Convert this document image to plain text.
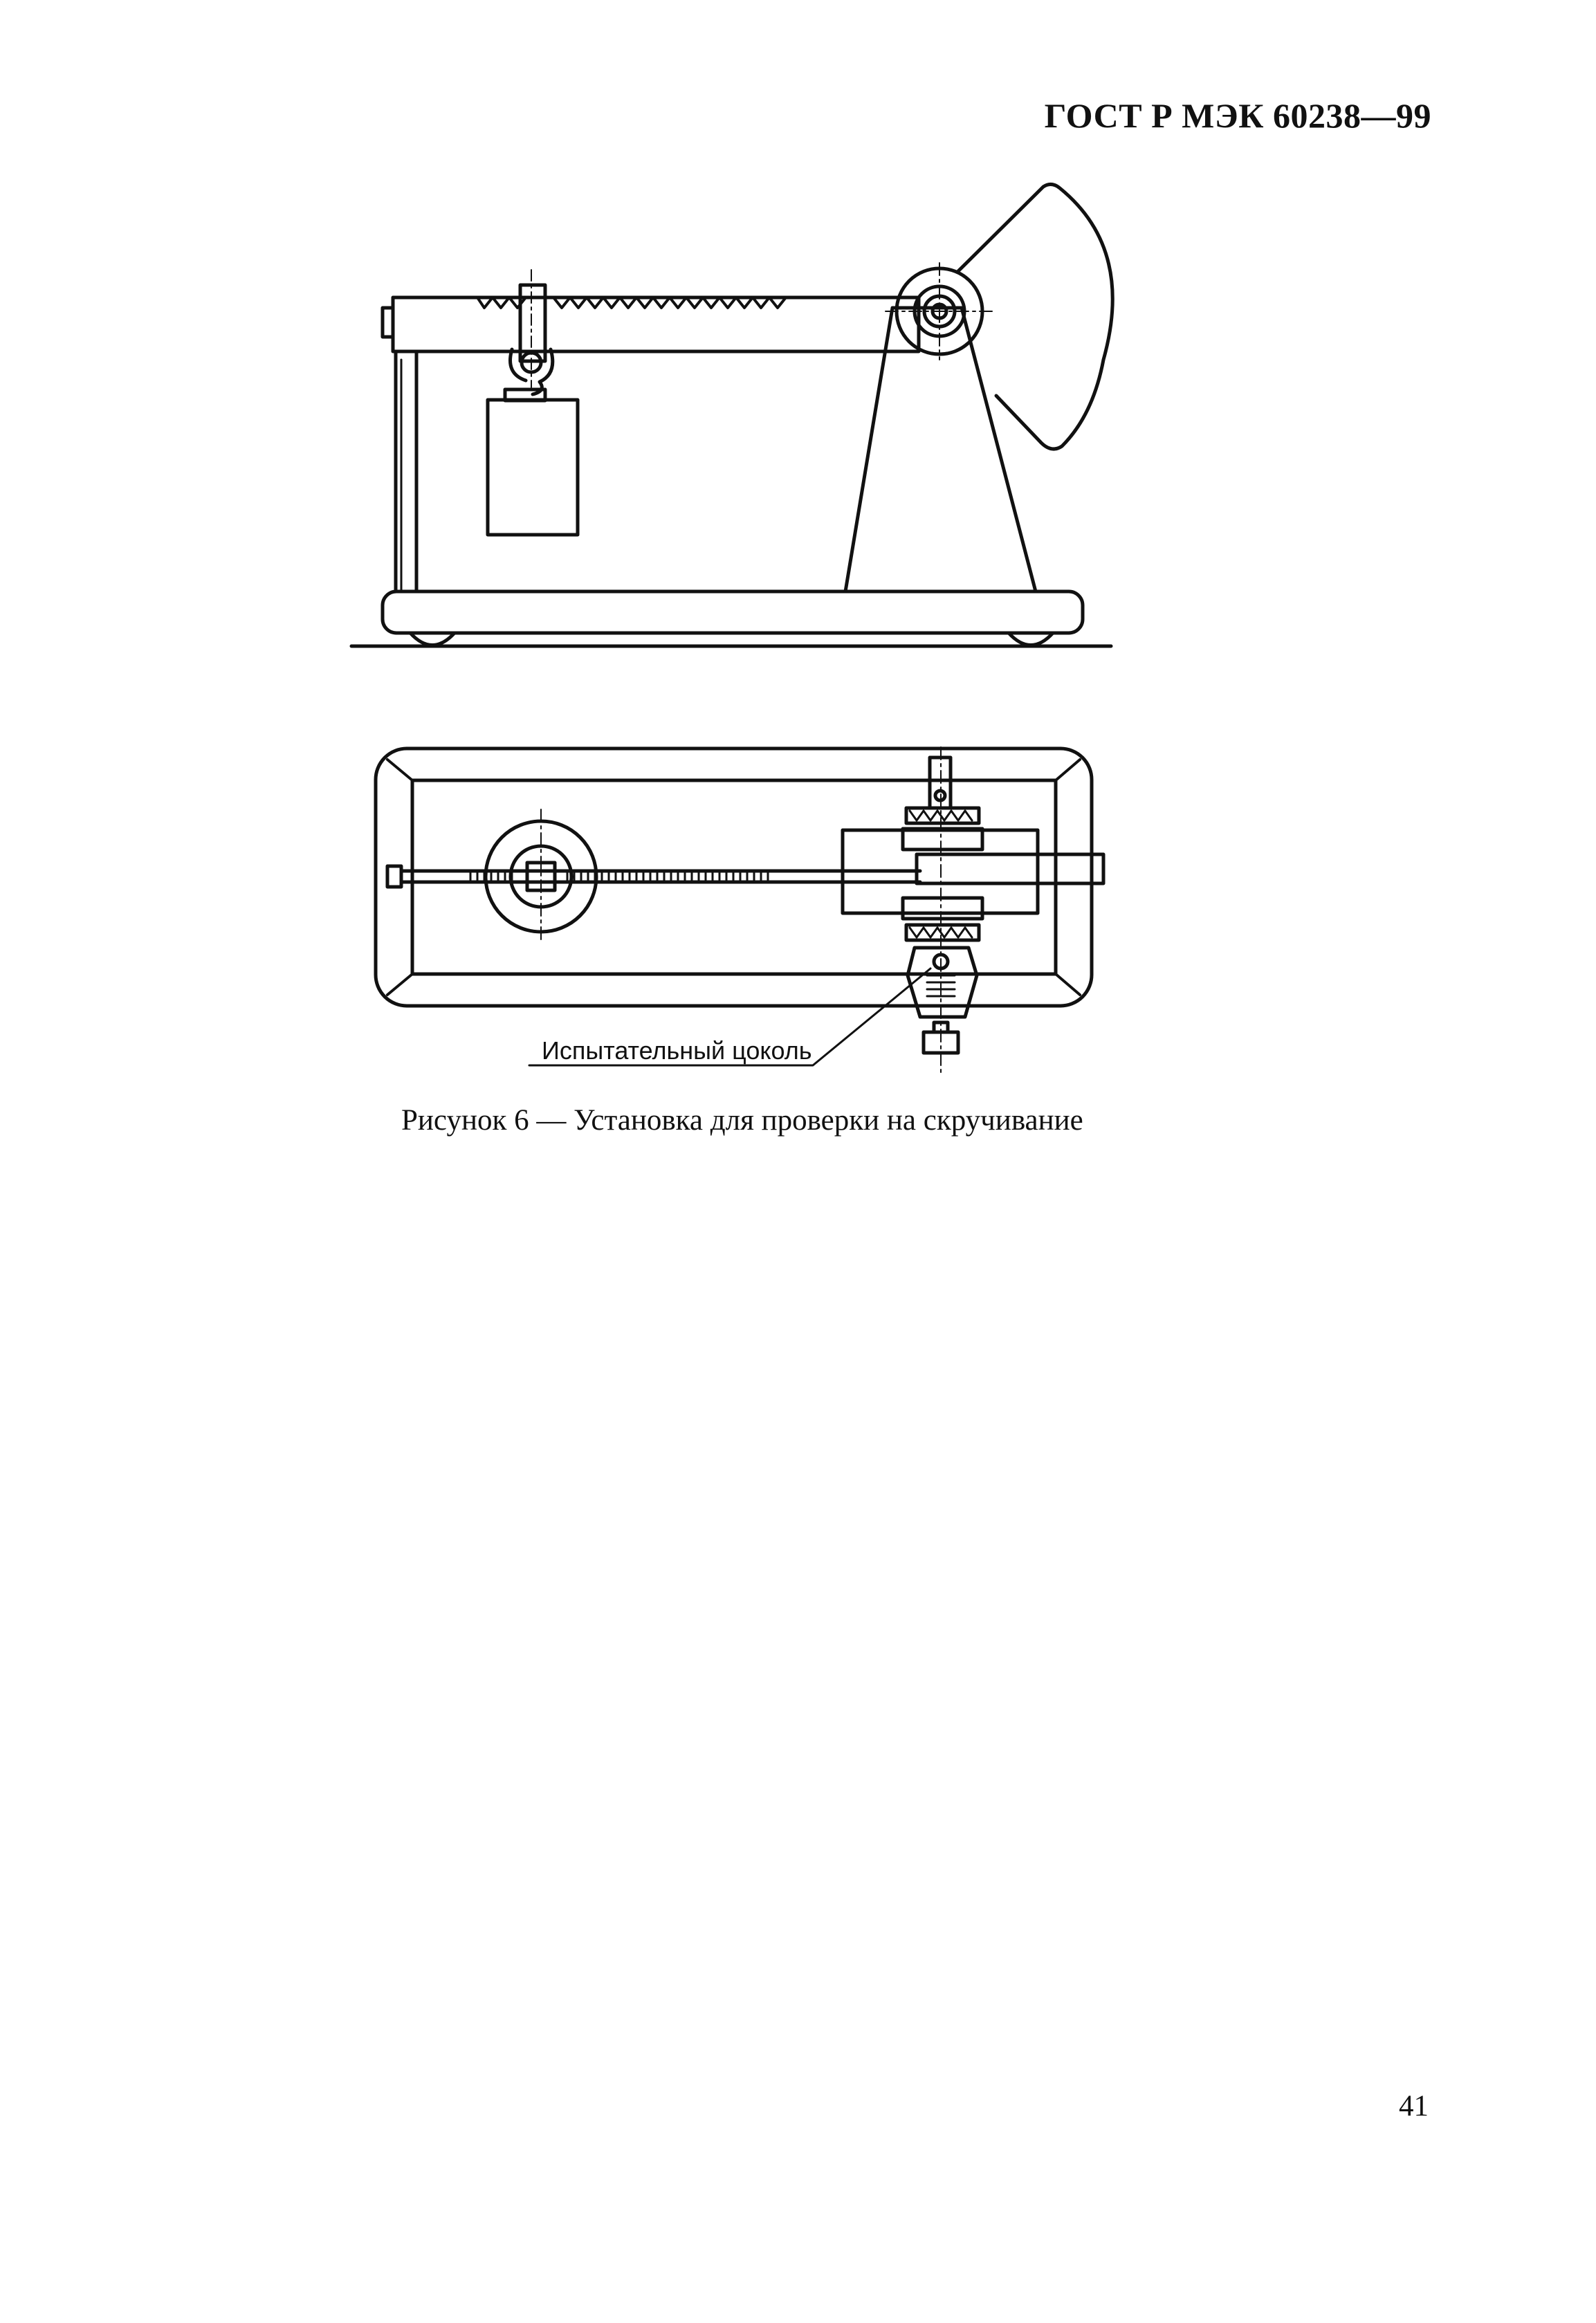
ГОСТ Р МЭК 60238—99
Испытательный цоколь
Рисунок 6 — Установка для проверки на скручивание
41
